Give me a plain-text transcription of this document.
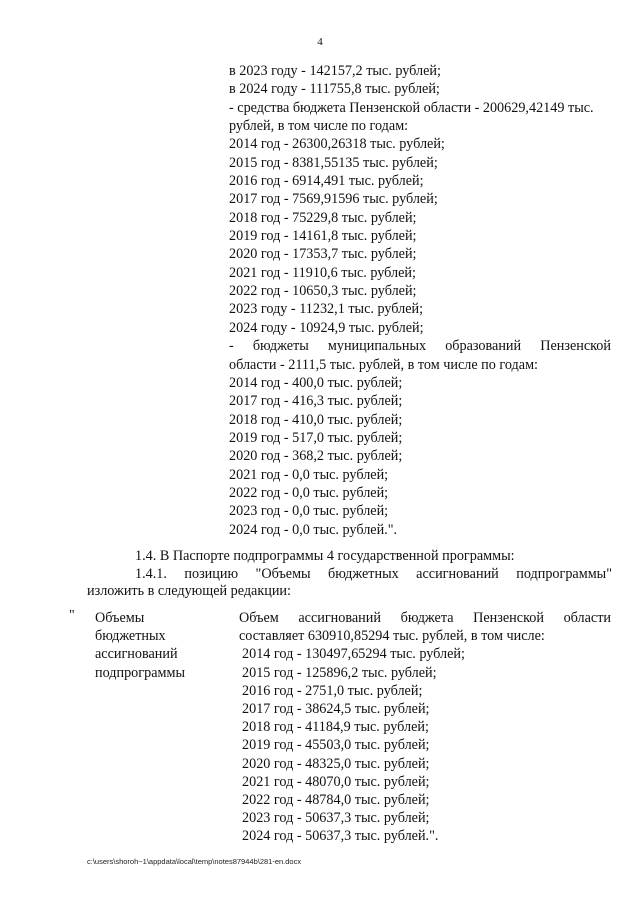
4
в 2023 году - 142157,2 тыс. рублей;
в 2024 году - 111755,8 тыс. рублей;
- средства бюджета Пензенской области - 200629,42149 тыс.
рублей, в том числе по годам:
2014 год - 26300,26318 тыс. рублей;
2015 год - 8381,55135 тыс. рублей;
2016 год - 6914,491 тыс. рублей;
2017 год - 7569,91596 тыс. рублей;
2018 год - 75229,8 тыс. рублей;
2019 год - 14161,8 тыс. рублей;
2020 год - 17353,7 тыс. рублей;
2021 год - 11910,6 тыс. рублей;
2022 год - 10650,3 тыс. рублей;
2023 году - 11232,1 тыс. рублей;
2024 году - 10924,9 тыс. рублей;
- бюджеты муниципальных образований Пензенской
области - 2111,5 тыс. рублей, в том числе по годам:
2014 год - 400,0 тыс. рублей;
2017 год - 416,3 тыс. рублей;
2018 год - 410,0 тыс. рублей;
2019 год - 517,0 тыс. рублей;
2020 год - 368,2 тыс. рублей;
2021 год - 0,0 тыс. рублей;
2022 год - 0,0 тыс. рублей;
2023 год - 0,0 тыс. рублей;
2024 год - 0,0 тыс. рублей.".
1.4. В Паспорте подпрограммы 4 государственной программы:
1.4.1. позицию "Объемы бюджетных ассигнований подпрограммы"
изложить в следующей редакции:
" Объемы
бюджетных
ассигнований
подпрограммы
Объем ассигнований бюджета Пензенской области
составляет 630910,85294 тыс. рублей, в том числе:
2014 год - 130497,65294 тыс. рублей;
2015 год - 125896,2 тыс. рублей;
2016 год - 2751,0 тыс. рублей;
2017 год - 38624,5 тыс. рублей;
2018 год - 41184,9 тыс. рублей;
2019 год - 45503,0 тыс. рублей;
2020 год - 48325,0 тыс. рублей;
2021 год - 48070,0 тыс. рублей;
2022 год - 48784,0 тыс. рублей;
2023 год - 50637,3 тыс. рублей;
2024 год - 50637,3 тыс. рублей.".
c:\users\shoroh~1\appdata\local\temp\notes87944b\281-en.docx
